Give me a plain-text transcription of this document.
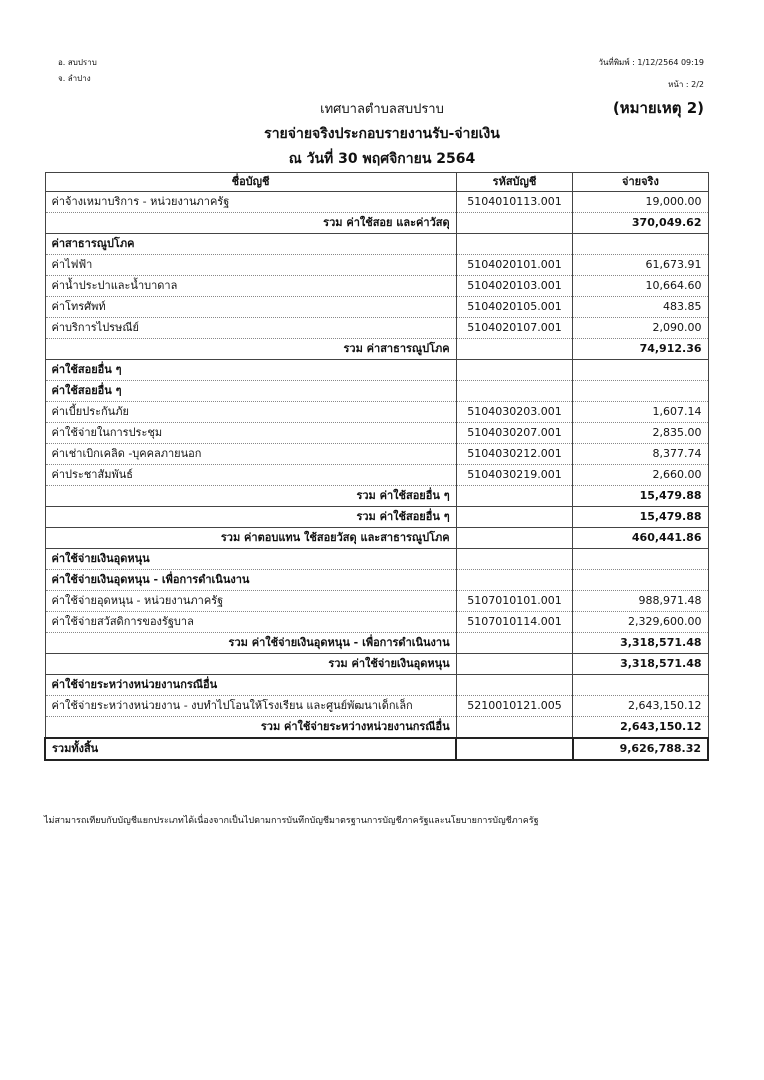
อ. สบปราบ
จ. ลำปาง
วันที่พิมพ์ : 1/12/2564 09:19
หน้า : 2/2
เทศบาลตำบลสบปราบ	(หมายเหตุ 2)
รายจ่ายจริงประกอบรายงานรับ-จ่ายเงิน
ณ วันที่ 30 พฤศจิกายน 2564
ชื่อบัญชี	รหัสบัญชี	จ่ายจริง
ค่าจ้างเหมาบริการ - หน่วยงานภาครัฐ	5104010113.001	19,000.00
รวม ค่าใช้สอย และค่าวัสดุ		370,049.62
ค่าสาธารณูปโภค		
ค่าไฟฟ้า	5104020101.001	61,673.91
ค่าน้ำประปาและน้ำบาดาล	5104020103.001	10,664.60
ค่าโทรศัพท์	5104020105.001	483.85
ค่าบริการไปรษณีย์	5104020107.001	2,090.00
รวม ค่าสาธารณูปโภค		74,912.36
ค่าใช้สอยอื่น ๆ		
ค่าใช้สอยอื่น ๆ		
ค่าเบี้ยประกันภัย	5104030203.001	1,607.14
ค่าใช้จ่ายในการประชุม	5104030207.001	2,835.00
ค่าเช่าเบิกเคลิด -บุคคลภายนอก	5104030212.001	8,377.74
ค่าประชาสัมพันธ์	5104030219.001	2,660.00
รวม ค่าใช้สอยอื่น ๆ		15,479.88
รวม ค่าใช้สอยอื่น ๆ		15,479.88
รวม ค่าตอบแทน ใช้สอยวัสดุ และสาธารณูปโภค		460,441.86
ค่าใช้จ่ายเงินอุดหนุน		
ค่าใช้จ่ายเงินอุดหนุน - เพื่อการดำเนินงาน		
ค่าใช้จ่ายอุดหนุน - หน่วยงานภาครัฐ	5107010101.001	988,971.48
ค่าใช้จ่ายสวัสดิการของรัฐบาล	5107010114.001	2,329,600.00
รวม ค่าใช้จ่ายเงินอุดหนุน - เพื่อการดำเนินงาน		3,318,571.48
รวม ค่าใช้จ่ายเงินอุดหนุน		3,318,571.48
ค่าใช้จ่ายระหว่างหน่วยงานกรณีอื่น		
ค่าใช้จ่ายระหว่างหน่วยงาน - งบทำไปโอนให้โรงเรียน และศูนย์พัฒนาเด็กเล็ก	5210010121.005	2,643,150.12
รวม ค่าใช้จ่ายระหว่างหน่วยงานกรณีอื่น		2,643,150.12
รวมทั้งสิ้น		9,626,788.32
ไม่สามารถเทียบกับบัญชีแยกประเภทได้เนื่องจากเป็นไปตามการบันทึกบัญชีมาตรฐานการบัญชีภาครัฐและนโยบายการบัญชีภาครัฐ
